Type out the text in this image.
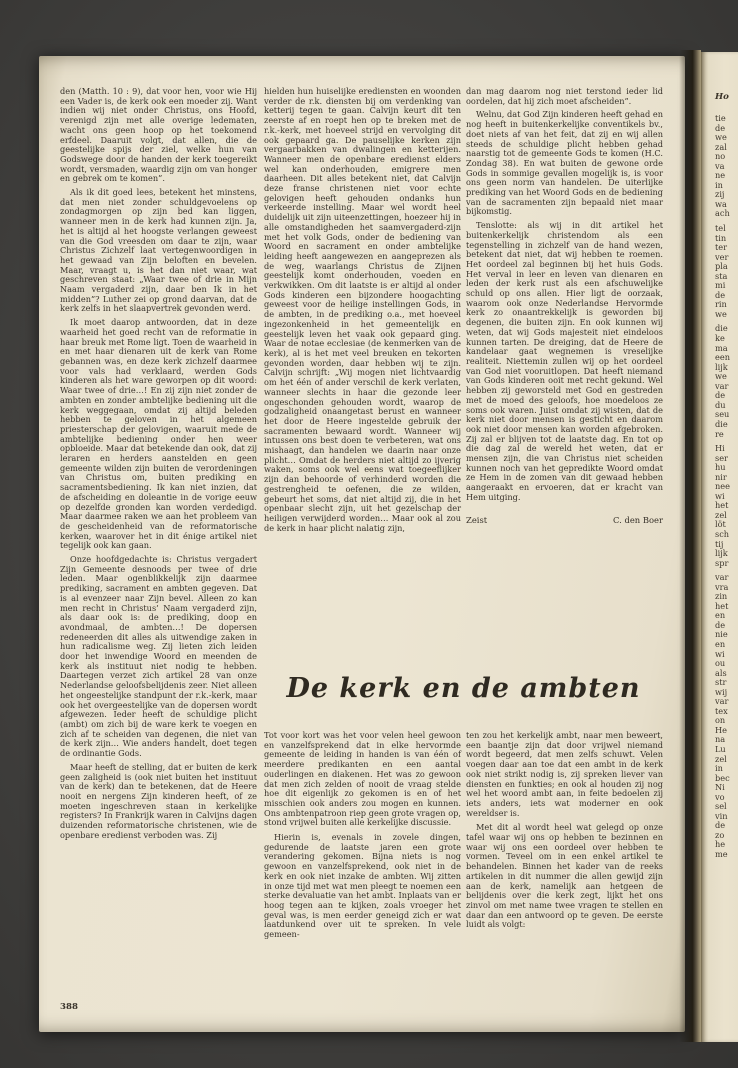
den (Matth. 10 : 9), dat voor hen, voor wie Hij een Vader is, de kerk ook een moeder zij. Want indien wij niet onder Christus, ons Hoofd, verenigd zijn met alle overige ledematen, wacht ons geen hoop op het toekomend erfdeel. Daaruit volgt, dat allen, die de geestelijke spijs der ziel, welke hun van Godswege door de handen der kerk toegereikt wordt, versmaden, waardig zijn om van honger en gebrek om te komen”.

Als ik dit goed lees, betekent het minstens, dat men niet zonder schuldgevoelens op zondagmorgen op zijn bed kan liggen, wanneer men in de kerk had kunnen zijn. Ja, het is altijd al het hoogste verlangen geweest van die God vreesden om daar te zijn, waar Christus Zichzelf laat vertegenwoordigen in het gewaad van Zijn beloften en bevelen. Maar, vraagt u, is het dan niet waar, wat geschreven staat: „Waar twee of drie in Mijn Naam vergaderd zijn, daar ben Ik in het midden”? Luther zei op grond daarvan, dat de kerk zelfs in het slaapvertrek gevonden werd.

Ik moet daarop antwoorden, dat in deze waarheid het goed recht van de reformatie in haar breuk met Rome ligt. Toen de waarheid in en met haar dienaren uit de kerk van Rome gebannen was, en deze kerk zichzelf daarmee voor vals had verklaard, werden Gods kinderen als het ware geworpen op dit woord: Waar twee of drie…! En zij zijn niet zonder de ambten en zonder ambtelijke bediening uit die kerk weggegaan, omdat zij altijd beleden hebben te geloven in het algemeen priesterschap der gelovigen, waaruit mede de ambtelijke bediening onder hen weer opbloeide. Maar dat betekende dan ook, dat zij leraren en herders aanstelden en geen gemeente wilden zijn buiten de verordeningen van Christus om, buiten prediking en sacramentsbediening. Ik kan niet inzien, dat de afscheiding en doleantie in de vorige eeuw op dezelfde gronden kan worden verdedigd. Maar daarmee raken we aan het probleem van de gescheidenheid van de reformatorische kerken, waarover het in dit énige artikel niet tegelijk ook kan gaan.

Onze hoofdgedachte is: Christus vergadert Zijn Gemeente desnoods per twee of drie leden. Maar ogenblikkelijk zijn daarmee prediking, sacrament en ambten gegeven. Dat is al evenzeer naar Zijn bevel. Alleen zo kan men recht in Christus’ Naam vergaderd zijn, als daar ook is: de prediking, doop en avondmaal, de ambten…! De dopersen redeneerden dit alles als uitwendige zaken in hun radicalisme weg. Zij lieten zich leiden door het inwendige Woord en meenden de kerk als instituut niet nodig te hebben. Daartegen verzet zich artikel 28 van onze Nederlandse geloofsbelijdenis zeer. Niet alleen het ongeestelijke standpunt der r.k.-kerk, maar ook het overgeestelijke van de dopersen wordt afgewezen. Ieder heeft de schuldige plicht (ambt) om zich bij de ware kerk te voegen en zich af te scheiden van degenen, die niet van de kerk zijn… Wie anders handelt, doet tegen de ordinantie Gods.

Maar heeft de stelling, dat er buiten de kerk geen zaligheid is (ook niet buiten het instituut van de kerk) dan te betekenen, dat de Heere nooit en nergens Zijn kinderen heeft, of ze moeten ingeschreven staan in kerkelijke registers? In Frankrijk waren in Calvijns dagen duizenden reformatorische christenen, wie de openbare eredienst verboden was. Zij

hielden hun huiselijke erediensten en woonden verder de r.k. diensten bij om verdenking van ketterij tegen te gaan. Calvijn keurt dit ten zeerste af en roept hen op te breken met de r.k.-kerk, met hoeveel strijd en vervolging dit ook gepaard ga. De pauselijke kerken zijn vergaarbakken van dwalingen en ketterijen. Wanneer men de openbare eredienst elders wel kan onderhouden, emigrere men daarheen. Dit alles betekent niet, dat Calvijn deze franse christenen niet voor echte gelovigen heeft gehouden ondanks hun verkeerde instelling. Maar wel wordt heel duidelijk uit zijn uiteenzettingen, hoezeer hij in alle omstandigheden het saamvergaderd-zijn met het volk Gods, onder de bediening van Woord en sacrament en onder ambtelijke leiding heeft aangewezen en aangeprezen als de weg, waarlangs Christus de Zijnen geestelijk komt onderhouden, voeden en verkwikken. Om dit laatste is er altijd al onder Gods kinderen een bijzondere hoogachting geweest voor de heilige instellingen Gods, in de ambten, in de prediking o.a., met hoeveel ingezonkenheid in het gemeentelijk en geestelijk leven het vaak ook gepaard ging. Waar de notae ecclesiae (de kenmerken van de kerk), al is het met veel breuken en tekorten gevonden worden, daar hebben wij te zijn. Calvijn schrijft: „Wij mogen niet lichtvaardig om het één of ander verschil de kerk verlaten, wanneer slechts in haar die gezonde leer ongeschonden gehouden wordt, waarop de godzaligheid onaangetast berust en wanneer het door de Heere ingestelde gebruik der sacramenten bewaard wordt. Wanneer wij intussen ons best doen te verbeteren, wat ons mishaagt, dan handelen we daarin naar onze plicht… Omdat de herders niet altijd zo ijverig waken, soms ook wel eens wat toegeeflijker zijn dan behoorde of verhinderd worden die gestrengheid te oefenen, die ze wilden, gebeurt het soms, dat niet altijd zij, die in het openbaar slecht zijn, uit het gezelschap der heiligen verwijderd worden… Maar ook al zou de kerk in haar plicht nalatig zijn,

dan mag daarom nog niet terstond ieder lid oordelen, dat hij zich moet afscheiden”.

Welnu, dat God Zijn kinderen heeft gehad en nog heeft in buitenkerkelijke conventikels bv., doet niets af van het feit, dat zij en wij allen steeds de schuldige plicht hebben gehad naarstig tot de gemeente Gods te komen (H.C. Zondag 38). En wat buiten de gewone orde Gods in sommige gevallen mogelijk is, is voor ons geen norm van handelen. De uiterlijke prediking van het Woord Gods en de bediening van de sacramenten zijn bepaald niet maar bijkomstig.

Tenslotte: als wij in dit artikel het buitenkerkelijk christendom als een tegenstelling in zichzelf van de hand wezen, betekent dat niet, dat wij hebben te roemen. Het oordeel zal beginnen bij het huis Gods. Het verval in leer en leven van dienaren en leden der kerk rust als een afschuwelijke schuld op ons allen. Hier ligt de oorzaak, waarom ook onze Nederlandse Hervormde kerk zo onaantrekkelijk is geworden bij degenen, die buiten zijn. En ook kunnen wij weten, dat wij Gods majesteit niet eindeloos kunnen tarten. De dreiging, dat de Heere de kandelaar gaat wegnemen is vreselijke realiteit. Niettemin zullen wij op het oordeel van God niet vooruitlopen. Dat heeft niemand van Gods kinderen ooit met recht gekund. Wel hebben zij geworsteld met God en gestreden met de moed des geloofs, hoe moedeloos ze soms ook waren. Juist omdat zij wisten, dat de kerk niet door mensen is gesticht en daarom ook niet door mensen kan worden afgebroken. Zij zal er blijven tot de laatste dag. En tot op die dag zal de wereld het weten, dat er mensen zijn, die van Christus niet scheiden kunnen noch van het gepredikte Woord omdat ze Hem in de zomen van dit gewaad hebben aangeraakt en ervoeren, dat er kracht van Hem uitging.

Zeist	C. den Boer
De kerk en de ambten

Tot voor kort was het voor velen heel gewoon en vanzelfsprekend dat in elke hervormde gemeente de leiding in handen is van één of meerdere predikanten en een aantal ouderlingen en diakenen. Het was zo gewoon dat men zich zelden of nooit de vraag stelde hoe dit eigenlijk zo gekomen is en of het misschien ook anders zou mogen en kunnen. Ons ambtenpatroon riep geen grote vragen op, stond vrijwel buiten alle kerkelijke discussie.

Hierin is, evenals in zovele dingen, gedurende de laatste jaren een grote verandering gekomen. Bijna niets is nog gewoon en vanzelfsprekend, ook niet in de kerk en ook niet inzake de ambten. Wij zitten in onze tijd met wat men pleegt te noemen een sterke devaluatie van het ambt. Inplaats van er hoog tegen aan te kijken, zoals vroeger het geval was, is men eerder geneigd zich er wat laatdunkend over uit te spreken. In vele gemeen-

ten zou het kerkelijk ambt, naar men beweert, een baantje zijn dat door vrijwel niemand wordt begeerd, dat men zelfs schuwt. Velen voegen daar aan toe dat een ambt in de kerk ook niet strikt nodig is, zij spreken liever van diensten en funkties; en ook al houden zij nog wel het woord ambt aan, in feite bedoelen zij iets anders, iets wat moderner en ook wereldser is.

Met dit al wordt heel wat gelegd op onze tafel waar wij ons op hebben te bezinnen en waar wij ons een oordeel over hebben te vormen. Teveel om in een enkel artikel te behandelen. Binnen het kader van de reeks artikelen in dit nummer die allen gewijd zijn aan de kerk, namelijk aan hetgeen de belijdenis over die kerk zegt, lijkt het ons zinvol om met name twee vragen te stellen en daar dan een antwoord op te geven. De eerste luidt als volgt:

388
Ho
tie
de
we
zal
no
va
ne
in
zij
wa
ach
tel
tin
ter
ver
pla
sta
mi
de
rin
we
die
ke
ma
een
lijk
we
var
de
du
seu
die
re
Hi
ser
hu
nir
nee
wi
het
zel
löt
sch
tij
lijk
spr
var
vra
zin
het
en
de
nie
en
wi
ou
als
str
wij
var
tex
on
He
na
Lu
zel
in
bec
Ni
vo
sel
vin
de
zo
he
me
